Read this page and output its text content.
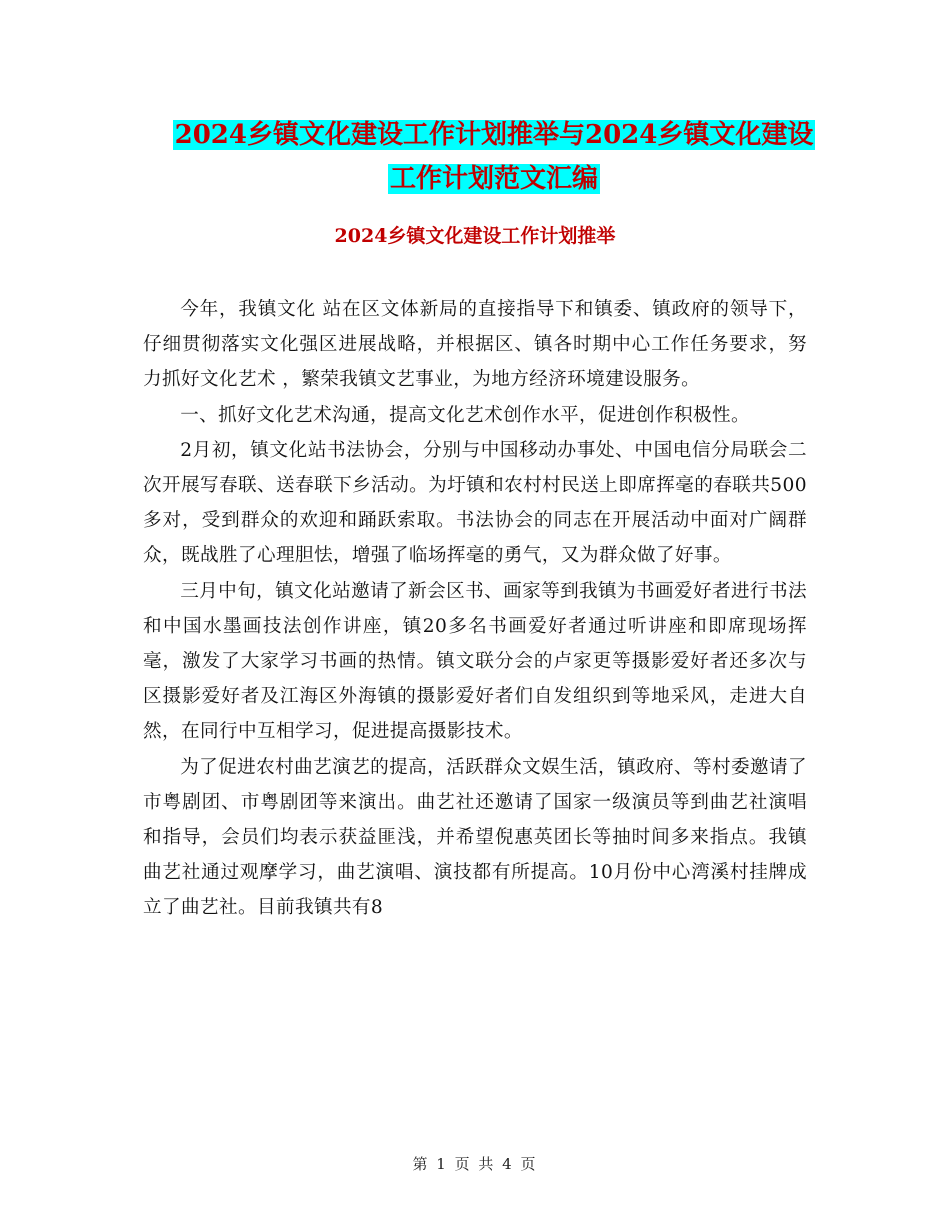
2024乡镇文化建设工作计划推举与2024乡镇文化建设
工作计划范文汇编
2024乡镇文化建设工作计划推举

今年，我镇文化 站在区文体新局的直接指导下和镇委、镇政府的领导下，仔细贯彻落实文化强区进展战略，并根据区、镇各时期中心工作任务要求，努力抓好文化艺术 ，繁荣我镇文艺事业，为地方经济环境建设服务。

一、抓好文化艺术沟通，提高文化艺术创作水平，促进创作积极性。

2月初，镇文化站书法协会，分别与中国移动办事处、中国电信分局联会二次开展写春联、送春联下乡活动。为圩镇和农村村民送上即席挥毫的春联共500 多对，受到群众的欢迎和踊跃索取。书法协会的同志在开展活动中面对广阔群众，既战胜了心理胆怯，增强了临场挥毫的勇气，又为群众做了好事。

三月中旬，镇文化站邀请了新会区书、画家等到我镇为书画爱好者进行书法和中国水墨画技法创作讲座，镇20多名书画爱好者通过听讲座和即席现场挥毫，激发了大家学习书画的热情。镇文联分会的卢家更等摄影爱好者还多次与区摄影爱好者及江海区外海镇的摄影爱好者们自发组织到等地采风，走进大自然，在同行中互相学习，促进提高摄影技术。

为了促进农村曲艺演艺的提高，活跃群众文娱生活，镇政府、等村委邀请了市粤剧团、市粤剧团等来演出。曲艺社还邀请了国家一级演员等到曲艺社演唱和指导，会员们均表示获益匪浅，并希望倪惠英团长等抽时间多来指点。我镇曲艺社通过观摩学习，曲艺演唱、演技都有所提高。10月份中心湾溪村挂牌成立了曲艺社。目前我镇共有8

第 1 页 共 4 页
